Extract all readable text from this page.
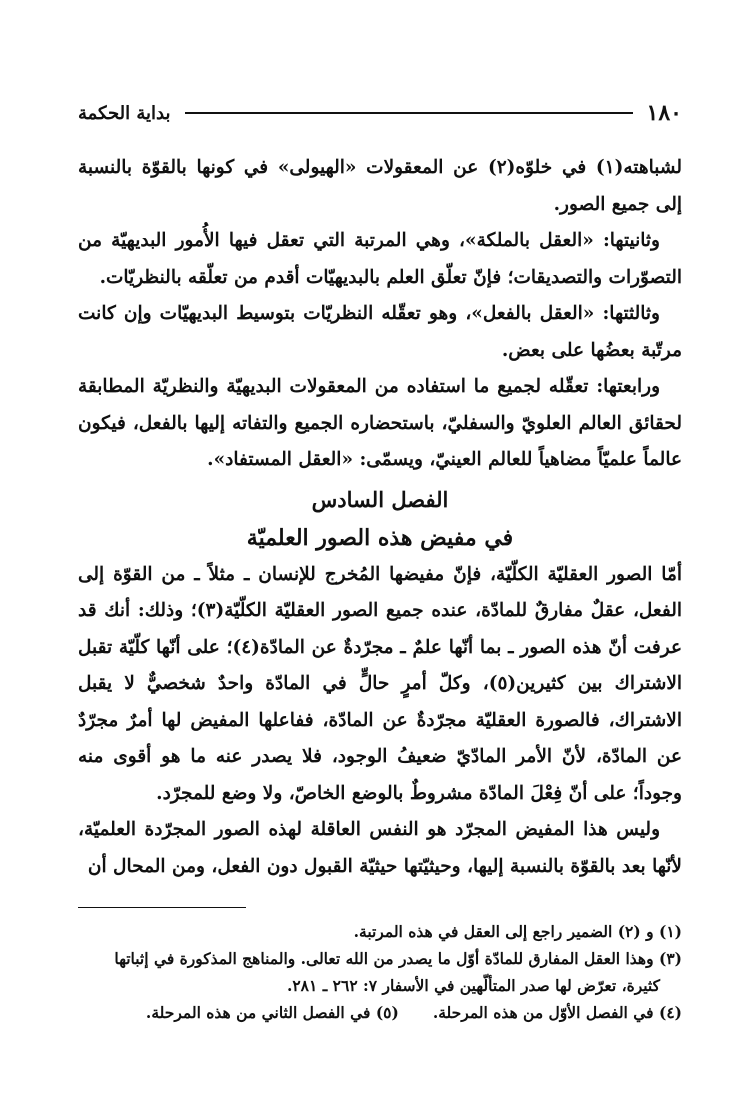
١٨٠
بداية الحكمة

لشباهته(١) في خلوّه(٢) عن المعقولات «الهيولى» في كونها بالقوّة بالنسبة إلى جميع الصور.

وثانيتها: «العقل بالملكة»، وهي المرتبة التي تعقل فيها الأُمور البديهيّة من التصوّرات والتصديقات؛ فإنّ تعلّق العلم بالبديهيّات أقدم من تعلّقه بالنظريّات.

وثالثتها: «العقل بالفعل»، وهو تعقّله النظريّات بتوسيط البديهيّات وإن كانت مرتّبة بعضُها على بعض.

ورابعتها: تعقّله لجميع ما استفاده من المعقولات البديهيّة والنظريّة المطابقة لحقائق العالم العلويّ والسفليّ، باستحضاره الجميع والتفاته إليها بالفعل، فيكون عالماً علميّاً مضاهياً للعالم العينيّ، ويسمّى: «العقل المستفاد».

الفصل السادس

في مفيض هذه الصور العلميّة

أمّا الصور العقليّة الكلّيّة، فإنّ مفيضها المُخرج للإنسان ـ مثلاً ـ من القوّة إلى الفعل، عقلٌ مفارقٌ للمادّة، عنده جميع الصور العقليّة الكلّيّة(٣)؛ وذلك: أنك قد عرفت أنّ هذه الصور ـ بما أنّها علمٌ ـ مجرّدةٌ عن المادّة(٤)؛ على أنّها كلّيّة تقبل الاشتراك بين كثيرين(٥)، وكلّ أمرٍ حالٍّ في المادّة واحدٌ شخصيٌّ لا يقبل الاشتراك، فالصورة العقليّة مجرّدةٌ عن المادّة، ففاعلها المفيض لها أمرٌ مجرّدٌ عن المادّة، لأنّ الأمر المادّيّ ضعيفُ الوجود، فلا يصدر عنه ما هو أقوى منه وجوداً؛ على أنّ فِعْلَ المادّة مشروطٌ بالوضع الخاصّ، ولا وضع للمجرّد.

وليس هذا المفيض المجرّد هو النفس العاقلة لهذه الصور المجرّدة العلميّة، لأنّها بعد بالقوّة بالنسبة إليها، وحيثيّتها حيثيّة القبول دون الفعل، ومن المحال أن

(١) و (٢) الضمير راجع إلى العقل في هذه المرتبة.

(٣) وهذا العقل المفارق للمادّة أوّل ما يصدر من الله تعالى. والمناهج المذكورة في إثباتها

كثيرة، تعرّض لها صدر المتألّهين في الأسفار ٧: ٢٦٢ ـ ٢٨١.

(٤) في الفصل الأوّل من هذه المرحلة.
(٥) في الفصل الثاني من هذه المرحلة.
